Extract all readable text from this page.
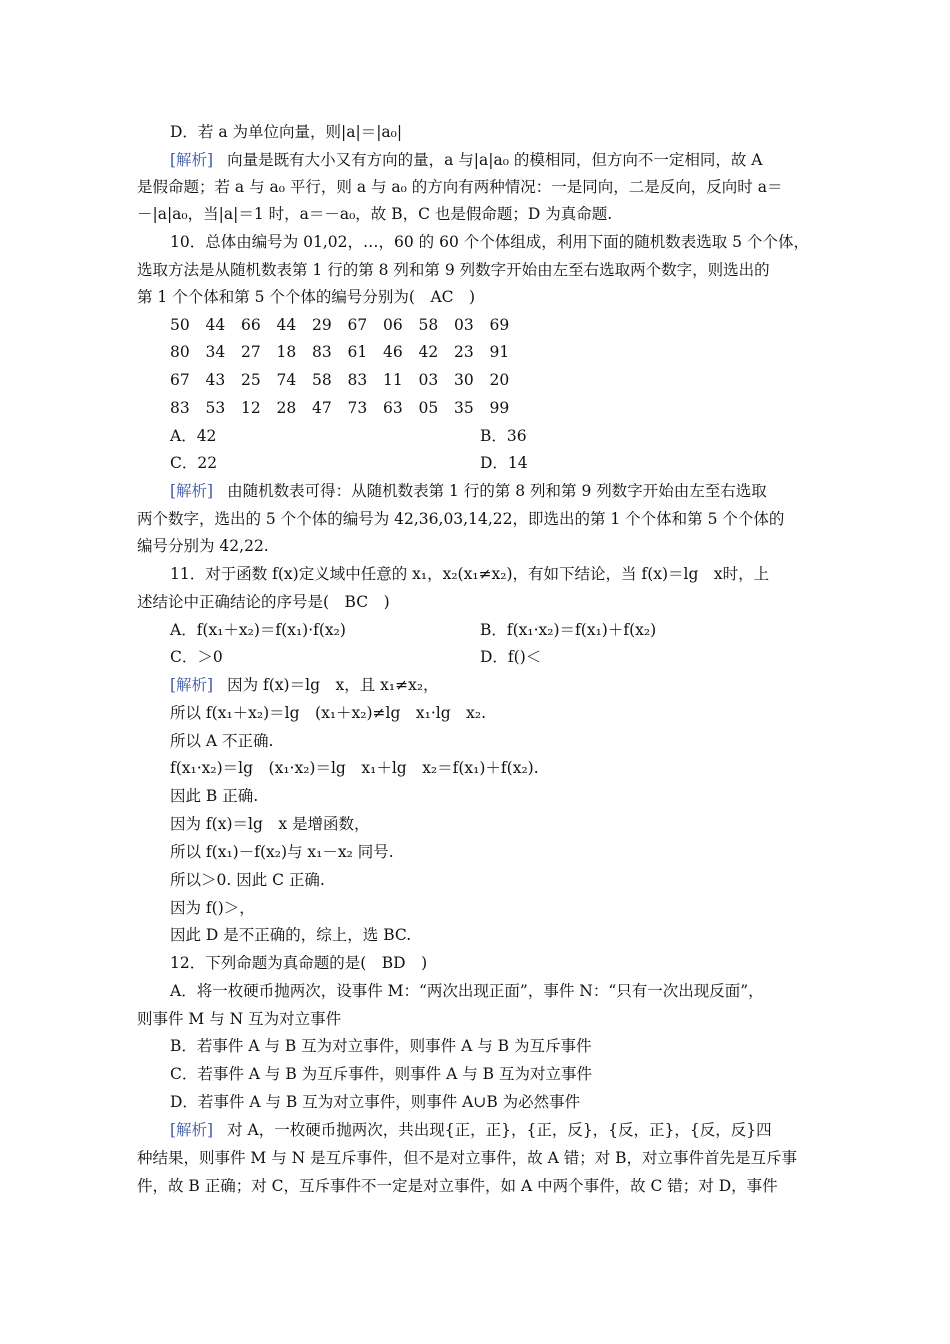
D．若 a 为单位向量，则|a|＝|a₀|
[解析] 向量是既有大小又有方向的量，a 与|a|a₀ 的模相同，但方向不一定相同，故 A
是假命题；若 a 与 a₀ 平行，则 a 与 a₀ 的方向有两种情况：一是同向，二是反向，反向时 a＝
－|a|a₀，当|a|＝1 时，a＝－a₀，故 B，C 也是假命题；D 为真命题.
10．总体由编号为 01,02，…，60 的 60 个个体组成，利用下面的随机数表选取 5 个个体，
选取方法是从随机数表第 1 行的第 8 列和第 9 列数字开始由左至右选取两个数字，则选出的
第 1 个个体和第 5 个个体的编号分别为(　AC　)
50 44 66 44 29 67 06 58 03 69
80 34 27 18 83 61 46 42 23 91
67 43 25 74 58 83 11 03 30 20
83 53 12 28 47 73 63 05 35 99
A．42	B．36
C．22	D．14
[解析] 由随机数表可得：从随机数表第 1 行的第 8 列和第 9 列数字开始由左至右选取
两个数字，选出的 5 个个体的编号为 42,36,03,14,22，即选出的第 1 个个体和第 5 个个体的
编号分别为 42,22.
11．对于函数 f(x)定义域中任意的 x₁，x₂(x₁≠x₂)，有如下结论，当 f(x)＝lg　x时，上
述结论中正确结论的序号是(　BC　)
A．f(x₁＋x₂)＝f(x₁)·f(x₂)	B．f(x₁·x₂)＝f(x₁)＋f(x₂)
C．＞0	D．f()＜
[解析] 因为 f(x)＝lg　x，且 x₁≠x₂，
所以 f(x₁＋x₂)＝lg　(x₁＋x₂)≠lg　x₁·lg　x₂.
所以 A 不正确.
f(x₁·x₂)＝lg　(x₁·x₂)＝lg　x₁＋lg　x₂＝f(x₁)＋f(x₂).
因此 B 正确.
因为 f(x)＝lg　x 是增函数，
所以 f(x₁)－f(x₂)与 x₁－x₂ 同号.
所以＞0. 因此 C 正确.
因为 f()＞，
因此 D 是不正确的，综上，选 BC.
12．下列命题为真命题的是(　BD　)
A．将一枚硬币抛两次，设事件 M：“两次出现正面”，事件 N：“只有一次出现反面”，
则事件 M 与 N 互为对立事件
B．若事件 A 与 B 互为对立事件，则事件 A 与 B 为互斥事件
C．若事件 A 与 B 为互斥事件，则事件 A 与 B 互为对立事件
D．若事件 A 与 B 互为对立事件，则事件 A∪B 为必然事件
[解析] 对 A，一枚硬币抛两次，共出现{正，正}，{正，反}，{反，正}，{反，反}四
种结果，则事件 M 与 N 是互斥事件，但不是对立事件，故 A 错；对 B，对立事件首先是互斥事
件，故 B 正确；对 C，互斥事件不一定是对立事件，如 A 中两个事件，故 C 错；对 D，事件
